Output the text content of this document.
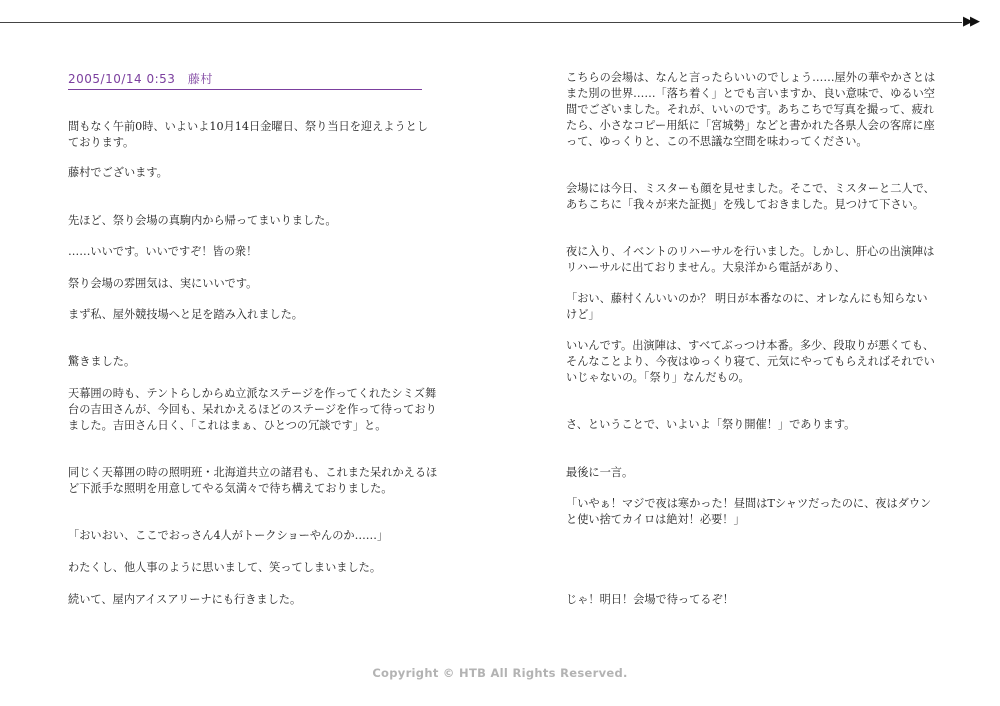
▶▶
2005/10/14 0:53　藤村

間もなく午前0時、いよいよ10月14日金曜日、祭り当日を迎えようとしております。

藤村でございます。

先ほど、祭り会場の真駒内から帰ってまいりました。

……いいです。いいですぞ！皆の衆！

祭り会場の雰囲気は、実にいいです。

まず私、屋外競技場へと足を踏み入れました。

驚きました。

天幕囲の時も、テントらしからぬ立派なステージを作ってくれたシミズ舞台の吉田さんが、今回も、呆れかえるほどのステージを作って待っておりました。吉田さん日く、「これはまぁ、ひとつの冗談です」と。

同じく天幕囲の時の照明班・北海道共立の諸君も、これまた呆れかえるほど下派手な照明を用意してやる気満々で待ち構えておりました。

「おいおい、ここでおっさん4人がトークショーやんのか……」

わたくし、他人事のように思いまして、笑ってしまいました。

続いて、屋内アイスアリーナにも行きました。

こちらの会場は、なんと言ったらいいのでしょう……屋外の華やかさとはまた別の世界……「落ち着く」とでも言いますか、良い意味で、ゆるい空間でございました。それが、いいのです。あちこちで写真を撮って、疲れたら、小さなコピー用紙に「宮城勢」などと書かれた各県人会の客席に座って、ゆっくりと、この不思議な空間を味わってください。

会場には今日、ミスターも顔を見せました。そこで、ミスターと二人で、あちこちに「我々が来た証拠」を残しておきました。見つけて下さい。

夜に入り、イベントのリハーサルを行いました。しかし、肝心の出演陣はリハーサルに出ておりません。大泉洋から電話があり、

「おい、藤村くんいいのか？ 明日が本番なのに、オレなんにも知らないけど」

いいんです。出演陣は、すべてぶっつけ本番。多少、段取りが悪くても、そんなことより、今夜はゆっくり寝て、元気にやってもらえればそれでいいじゃないの。「祭り」なんだもの。

さ、ということで、いよいよ「祭り開催！」であります。

最後に一言。

「いやぁ！マジで夜は寒かった！昼間はTシャツだったのに、夜はダウンと使い捨てカイロは絶対！必要！」

じゃ！明日！会場で待ってるぞ！

Copyright © HTB All Rights Reserved.
